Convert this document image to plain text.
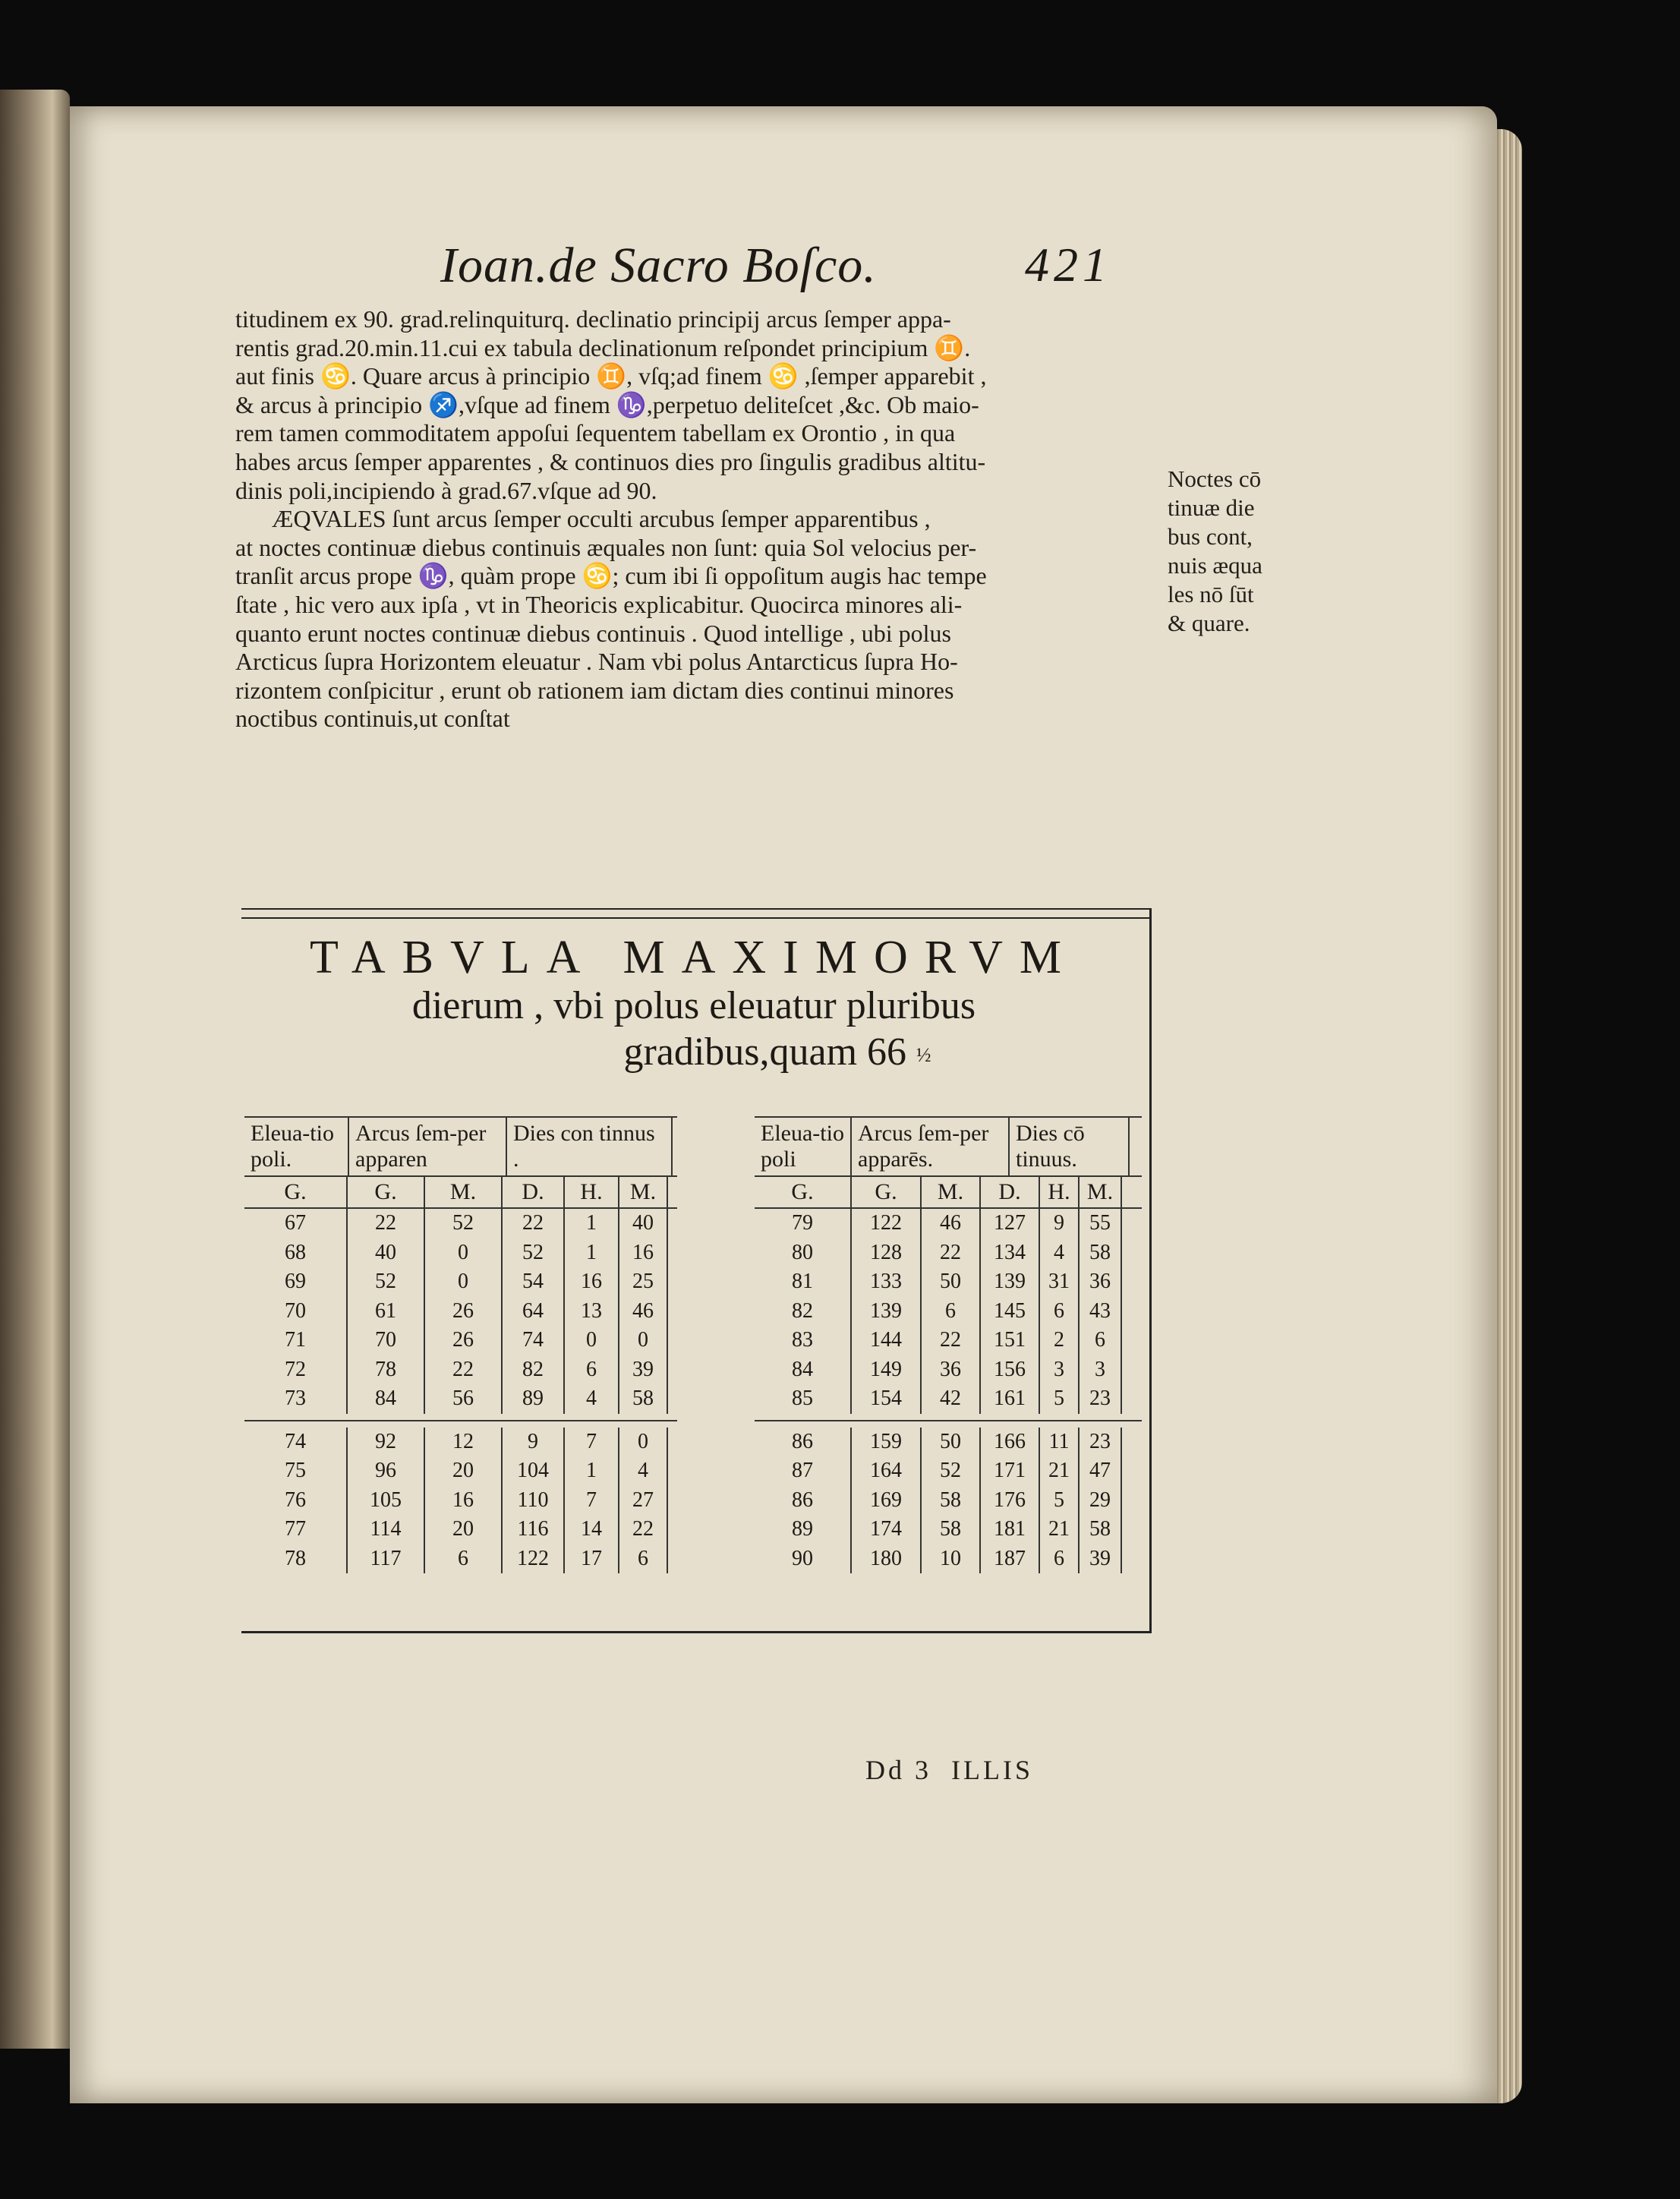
Ioan.de Sacro Boſco.	421
titudinem ex 90. grad.relinquiturq. declinatio principij arcus ſemper appa-
rentis grad.20.min.11.cui ex tabula declinationum reſpondet principium ♊.
aut finis ♋. Quare arcus à principio ♊, vſq;ad finem ♋ ,ſemper apparebit ,
& arcus à principio ♐,vſque ad finem ♑,perpetuo deliteſcet ,&c. Ob maio-
rem tamen commoditatem appoſui ſequentem tabellam ex Orontio , in qua
habes arcus ſemper apparentes , & continuos dies pro ſingulis gradibus altitu-
dinis poli,incipiendo à grad.67.vſque ad 90.
ÆQVALES ſunt arcus ſemper occulti arcubus ſemper apparentibus ,
at noctes continuæ diebus continuis æquales non ſunt: quia Sol velocius per-
tranſit arcus prope ♑, quàm prope ♋; cum ibi ſi oppoſitum augis hac tempe
ſtate , hic vero aux ipſa , vt in Theoricis explicabitur. Quocirca minores ali-
quanto erunt noctes continuæ diebus continuis . Quod intellige , ubi polus
Arcticus ſupra Horizontem eleuatur . Nam vbi polus Antarcticus ſupra Ho-
rizontem conſpicitur , erunt ob rationem iam dictam dies continui minores
noctibus continuis,ut conſtat
Noctes cō
tinuæ die
bus cont,
nuis æqua
les nō ſūt
& quare.
TABVLA MAXIMORVM
dierum , vbi polus eleuatur pluribus
gradibus,quam 66 ½
Eleua-tio poli.
Arcus ſem-per apparen
Dies con tinnus .
G.	G.	M.	D.	H.	M.
67	22	52	22	1	40
68	40	0	52	1	16
69	52	0	54	16	25
70	61	26	64	13	46
71	70	26	74	0	0
72	78	22	82	6	39
73	84	56	89	4	58
74	92	12	9	7	0
75	96	20	104	1	4
76	105	16	110	7	27
77	114	20	116	14	22
78	117	6	122	17	6
Eleua-tio poli
Arcus ſem-per apparēs.
Dies cō tinuus.
G.	G.	M.	D.	H. M.
79	122	46	127	9	55
80	128	22	134	4	58
81	133	50	139	31 36
82	139	6	145	6	43
83	144	22	151	2	6
84	149	36	156	3	3
85	154	42	161	5	23
86	159	50	166	11 23
87	164	52	171	21 47
86	169	58	176	5	29
89	174	58	181	21 58
90	180	10	187	6	39
Dd 3 ILLIS
